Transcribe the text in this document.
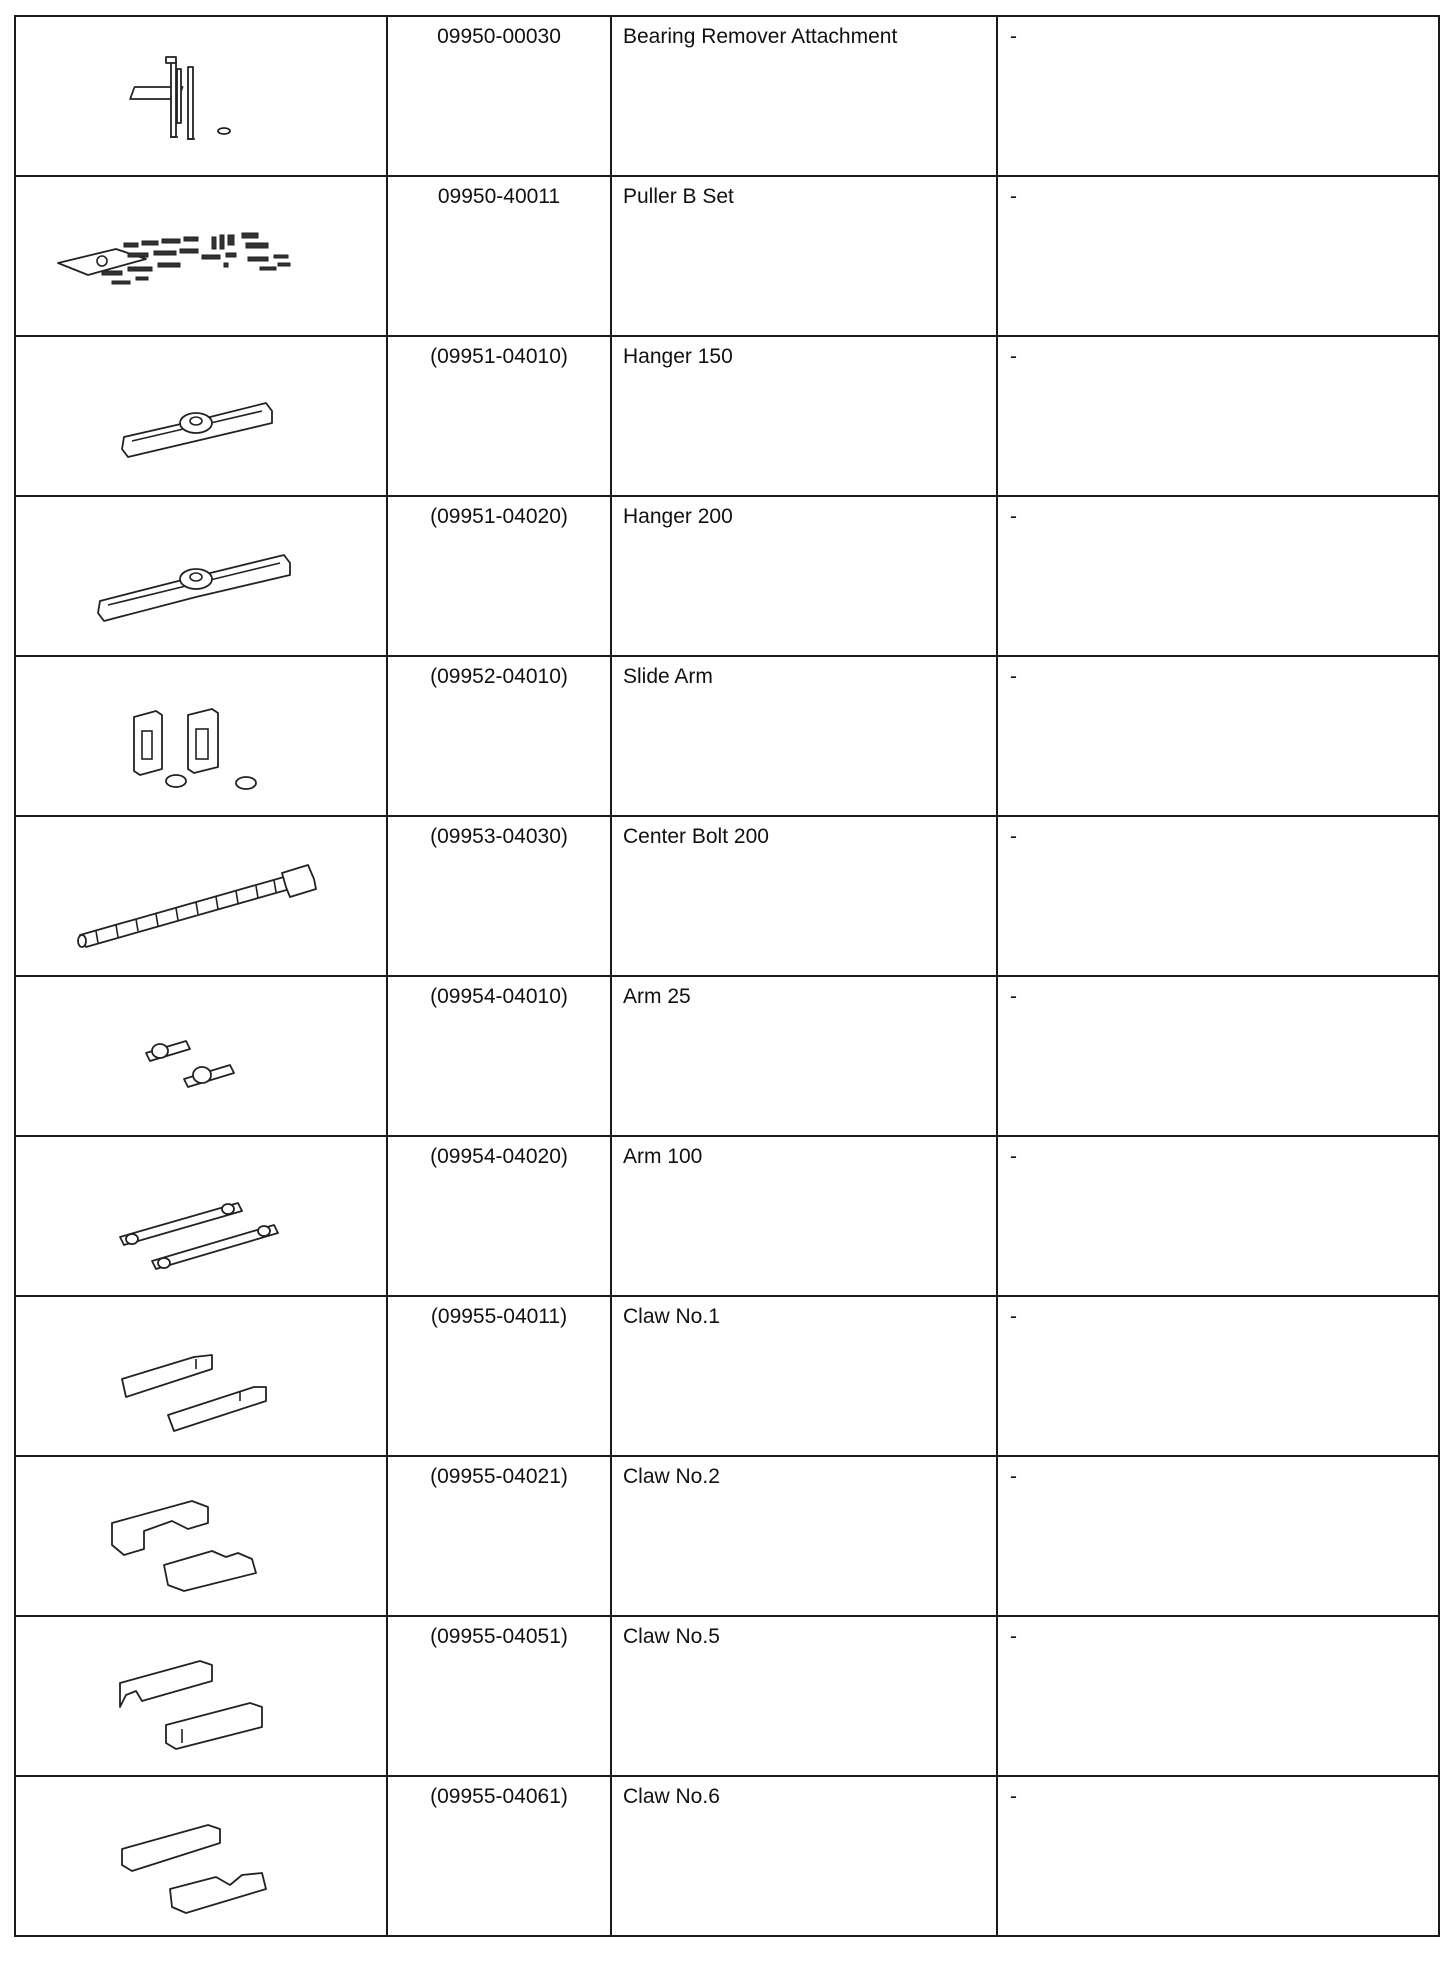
09950-00030	Bearing Remover Attachment	-

09950-40011	Puller B Set	-

(09951-04010)	Hanger 150	-

(09951-04020)	Hanger 200	-

(09952-04010)	Slide Arm	-

(09953-04030)	Center Bolt 200	-

(09954-04010)	Arm 25	-

(09954-04020)	Arm 100	-

(09955-04011)	Claw No.1	-

(09955-04021)	Claw No.2	-

(09955-04051)	Claw No.5	-

(09955-04061)	Claw No.6	-
